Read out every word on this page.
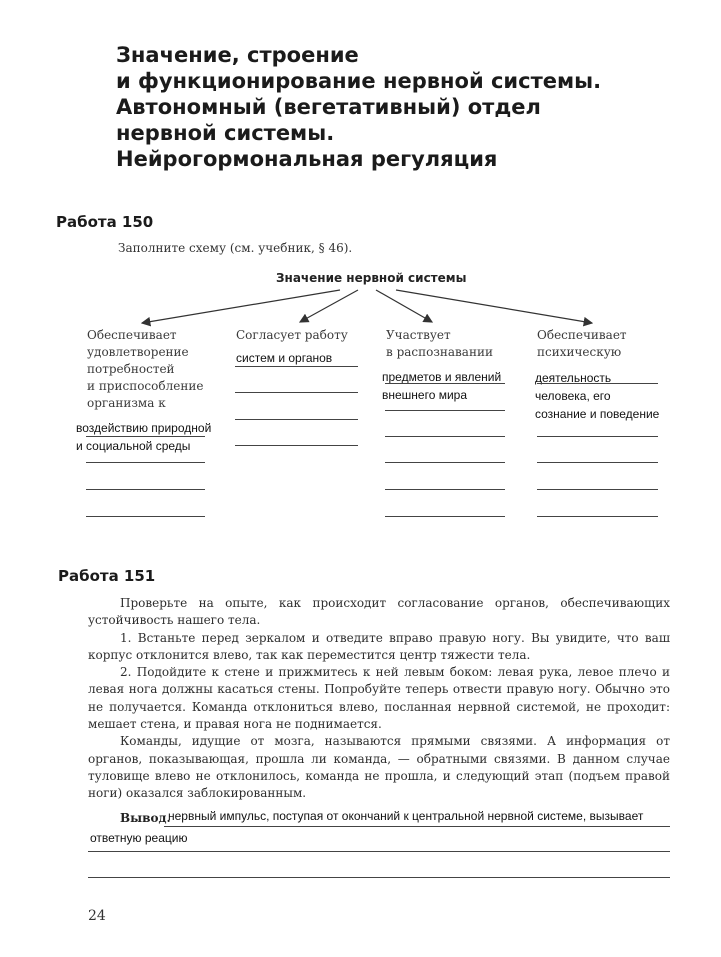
Значение, строение
и функционирование нервной системы.
Автономный (вегетативный) отдел
нервной системы.
Нейрогормональная регуляция
Работа 150
Заполните схему (см. учебник, § 46).
Значение нервной системы
Обеспечивает
удовлетворение
потребностей
и приспособление
организма к
воздействию природной
и социальной среды
Согласует работу
систем и органов
Участвует
в распознавании
предметов и явлений
внешнего мира
Обеспечивает
психическую
деятельность
человека, его
сознание и поведение
Работа 151

Проверьте на опыте, как происходит согласование органов, обеспечивающих устойчивость нашего тела.

1. Встаньте перед зеркалом и отведите вправо правую ногу. Вы увидите, что ваш корпус отклонится влево, так как переместится центр тяжести тела.

2. Подойдите к стене и прижмитесь к ней левым боком: левая рука, левое плечо и левая нога должны касаться стены. Попробуйте теперь отвести правую ногу. Обычно это не получается. Команда отклониться влево, посланная нервной системой, не проходит: мешает стена, и правая нога не поднимается.

Команды, идущие от мозга, называются прямыми связями. А информация от органов, показывающая, прошла ли команда, — обратными связями. В данном случае туловище влево не отклонилось, команда не прошла, и следующий этап (подъем правой ноги) оказался заблокированным.

Вывод.
нервный импульс, поступая от окончаний к центральной нервной системе, вызывает
ответную реацию
24
